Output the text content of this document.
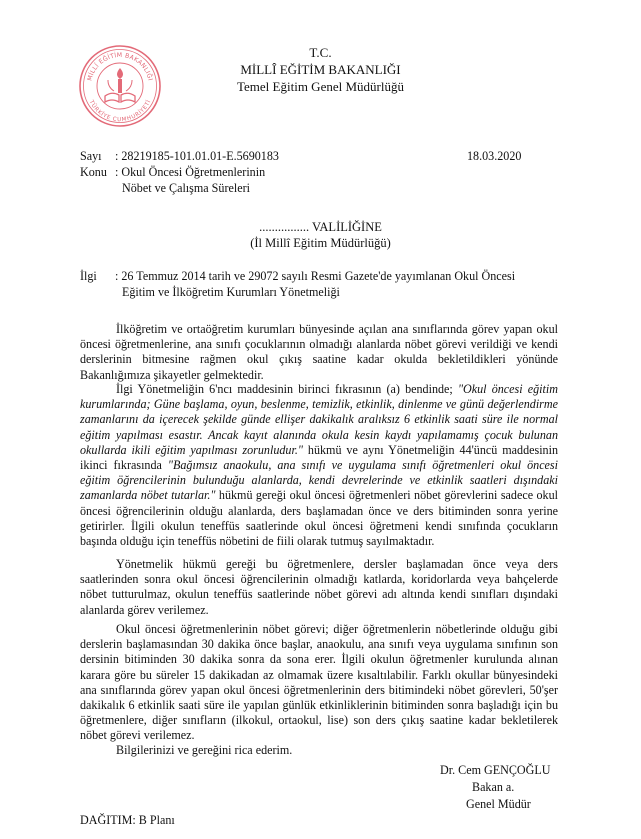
MİLLÎ EĞİTİM BAKANLIĞI
TÜRKİYE CUMHURİYETİ
T.C.
MİLLÎ EĞİTİM BAKANLIĞI
Temel Eğitim Genel Müdürlüğü
Sayı : 28219185-101.01.01-E.5690183	18.03.2020
Konu : Okul Öncesi Öğretmenlerinin
Nöbet ve Çalışma Süreleri
................ VALİLİĞİNE
(İl Millî Eğitim Müdürlüğü)
İlgi : 26 Temmuz 2014 tarih ve 29072 sayılı Resmi Gazete'de yayımlanan Okul Öncesi
Eğitim ve İlköğretim Kurumları Yönetmeliği

İlköğretim ve ortaöğretim kurumları bünyesinde açılan ana sınıflarında görev yapan okul öncesi öğretmenlerine, ana sınıfı çocuklarının olmadığı alanlarda nöbet görevi verildiği ve kendi derslerinin bitmesine rağmen okul çıkış saatine kadar okulda bekletildikleri yönünde Bakanlığımıza şikayetler gelmektedir.

İlgi Yönetmeliğin 6'ncı maddesinin birinci fıkrasının (a) bendinde; "Okul öncesi eğitim kurumlarında; Güne başlama, oyun, beslenme, temizlik, etkinlik, dinlenme ve günü değerlendirme zamanlarını da içerecek şekilde günde ellişer dakikalık aralıksız 6 etkinlik saati süre ile normal eğitim yapılması esastır. Ancak kayıt alanında okula kesin kaydı yapılamamış çocuk bulunan okullarda ikili eğitim yapılması zorunludur." hükmü ve aynı Yönetmeliğin 44'üncü maddesinin ikinci fıkrasında "Bağımsız anaokulu, ana sınıfı ve uygulama sınıfı öğretmenleri okul öncesi eğitim öğrencilerinin bulunduğu alanlarda, kendi devrelerinde ve etkinlik saatleri dışındaki zamanlarda nöbet tutarlar." hükmü gereği okul öncesi öğretmenleri nöbet görevlerini sadece okul öncesi öğrencilerinin olduğu alanlarda, ders başlamadan önce ve ders bitiminden sonra yerine getirirler. İlgili okulun teneffüs saatlerinde okul öncesi öğretmeni kendi sınıfında çocukların başında olduğu için teneffüs nöbetini de fiili olarak tutmuş sayılmaktadır.

Yönetmelik hükmü gereği bu öğretmenlere, dersler başlamadan önce veya ders saatlerinden sonra okul öncesi öğrencilerinin olmadığı katlarda, koridorlarda veya bahçelerde nöbet tutturulmaz, okulun teneffüs saatlerinde nöbet görevi adı altında kendi sınıfları dışındaki alanlarda görev verilemez.

Okul öncesi öğretmenlerinin nöbet görevi; diğer öğretmenlerin nöbetlerinde olduğu gibi derslerin başlamasından 30 dakika önce başlar, anaokulu, ana sınıfı veya uygulama sınıfının son dersinin bitiminden 30 dakika sonra da sona erer. İlgili okulun öğretmenler kurulunda alınan karara göre bu süreler 15 dakikadan az olmamak üzere kısaltılabilir. Farklı okullar bünyesindeki ana sınıflarında görev yapan okul öncesi öğretmenlerinin ders bitimindeki nöbet görevleri, 50'şer dakikalık 6 etkinlik saati süre ile yapılan günlük etkinliklerinin bitiminden sonra başladığı için bu öğretmenlere, diğer sınıfların (ilkokul, ortaokul, lise) son ders çıkış saatine kadar bekletilerek nöbet görevi verilemez.

Bilgilerinizi ve gereğini rica ederim.

Dr. Cem GENÇOĞLU
Bakan a.
Genel Müdür
DAĞITIM: B Planı
